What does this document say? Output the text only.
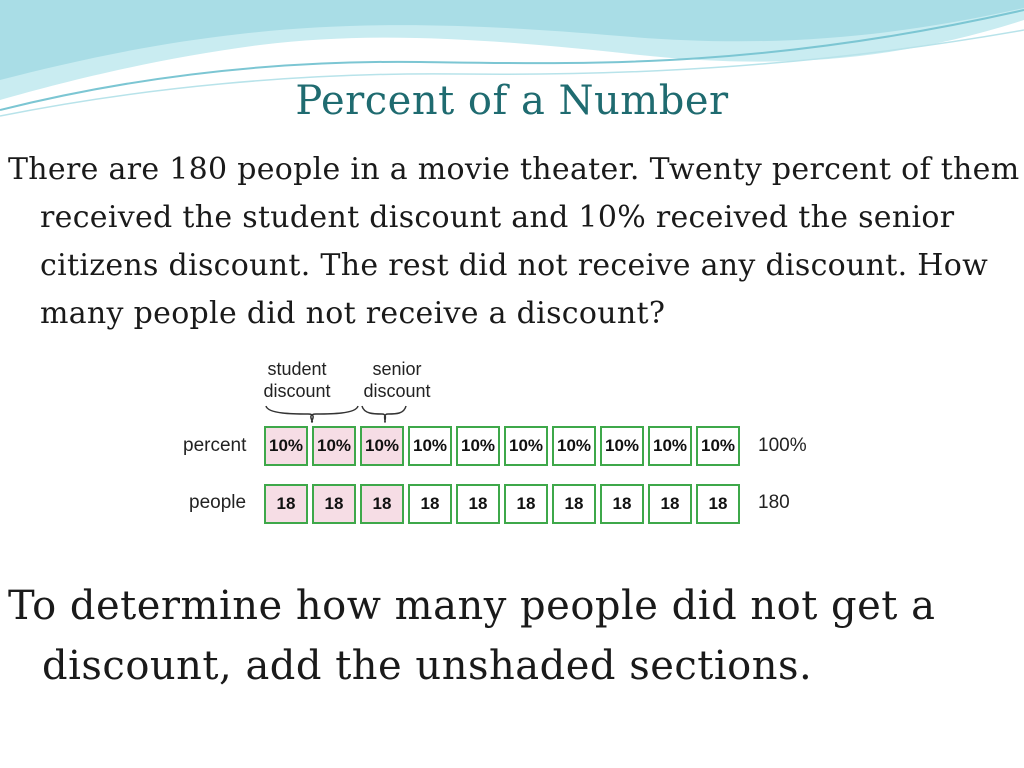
Percent of a Number
There are 180 people in a movie theater. Twenty percent of them received the student discount and 10% received the senior citizens discount. The rest did not receive any discount. How many people did not receive a discount?
student
discount
senior
discount
percent 10% 10% 10% 10% 10% 10% 10% 10% 10% 10% 100%
people	18	18	18	18	18	18	18	18	18	18	180
To determine how many people did not get a discount, add the unshaded sections.
